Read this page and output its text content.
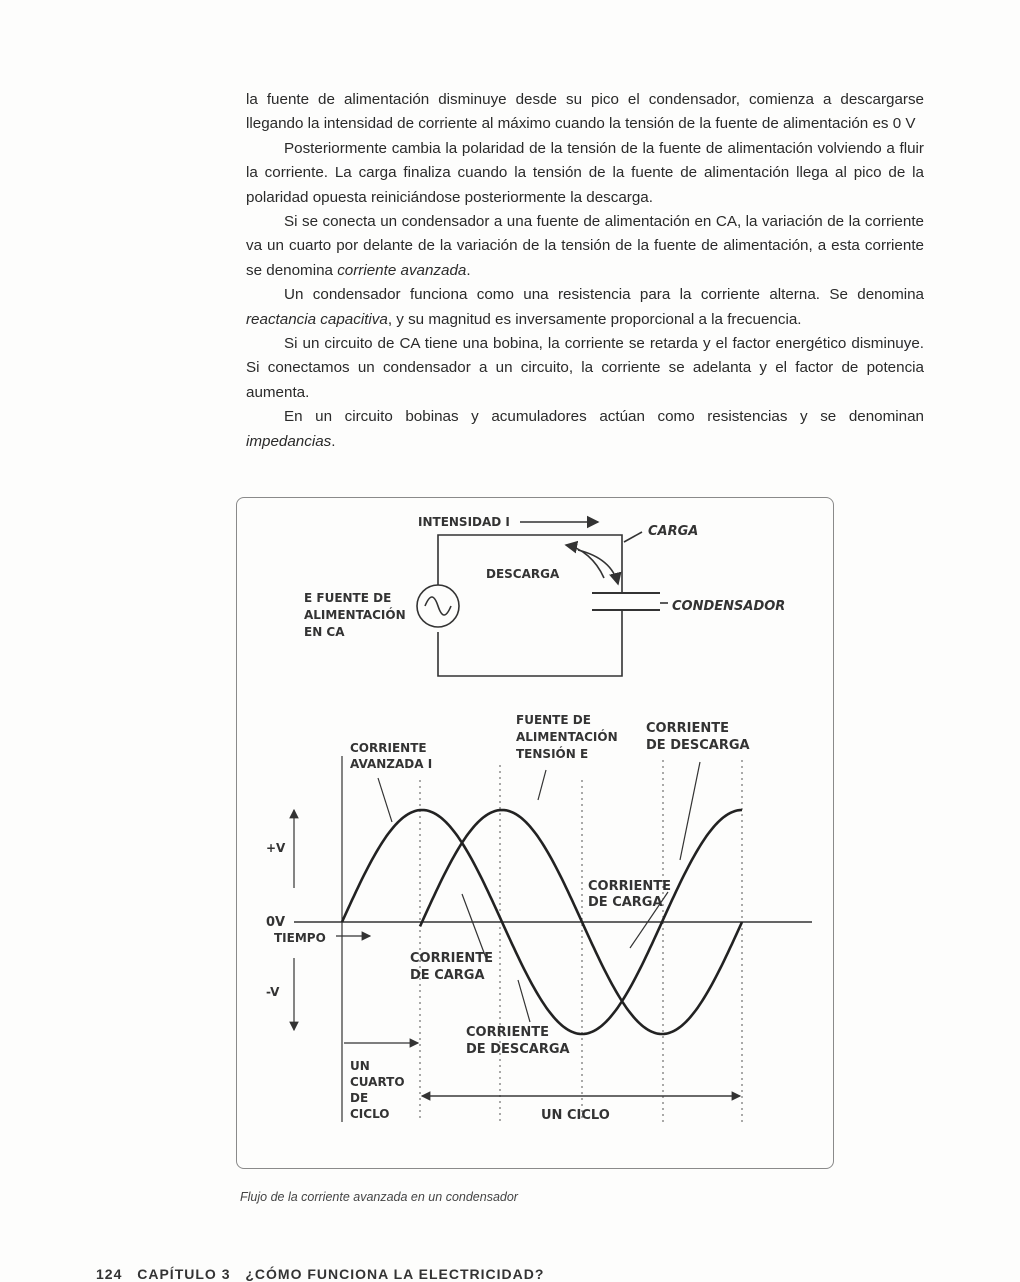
la fuente de alimentación disminuye desde su pico el condensador, comienza a descargarse llegando la intensidad de corriente al máximo cuando la tensión de la fuente de alimentación es 0 V

Posteriormente cambia la polaridad de la tensión de la fuente de alimentación volviendo a fluir la corriente. La carga finaliza cuando la tensión de la fuente de alimentación llega al pico de la polaridad opuesta reiniciándose posteriormente la descarga.

Si se conecta un condensador a una fuente de alimentación en CA, la variación de la corriente va un cuarto por delante de la variación de la tensión de la fuente de alimentación, a esta corriente se denomina corriente avanzada.

Un condensador funciona como una resistencia para la corriente alterna. Se denomina reactancia capacitiva, y su magnitud es inversamente proporcional a la frecuencia.

Si un circuito de CA tiene una bobina, la corriente se retarda y el factor energético disminuye. Si conectamos un condensador a un circuito, la corriente se adelanta y el factor de potencia aumenta.

En un circuito bobinas y acumuladores actúan como resistencias y se denominan impedancias.

INTENSIDAD I
CARGA
DESCARGA
E FUENTE DE
ALIMENTACIÓN
EN CA
CONDENSADOR
CORRIENTE
AVANZADA I
FUENTE DE
ALIMENTACIÓN
TENSIÓN E
CORRIENTE
DE DESCARGA
+V
0V
TIEMPO
-V
CORRIENTE
DE CARGA
CORRIENTE
DE CARGA
CORRIENTE
DE DESCARGA
UN
CUARTO
DE
CICLO	UN CICLO
Flujo de la corriente avanzada en un condensador
124 CAPÍTULO 3 ¿CÓMO FUNCIONA LA ELECTRICIDAD?
